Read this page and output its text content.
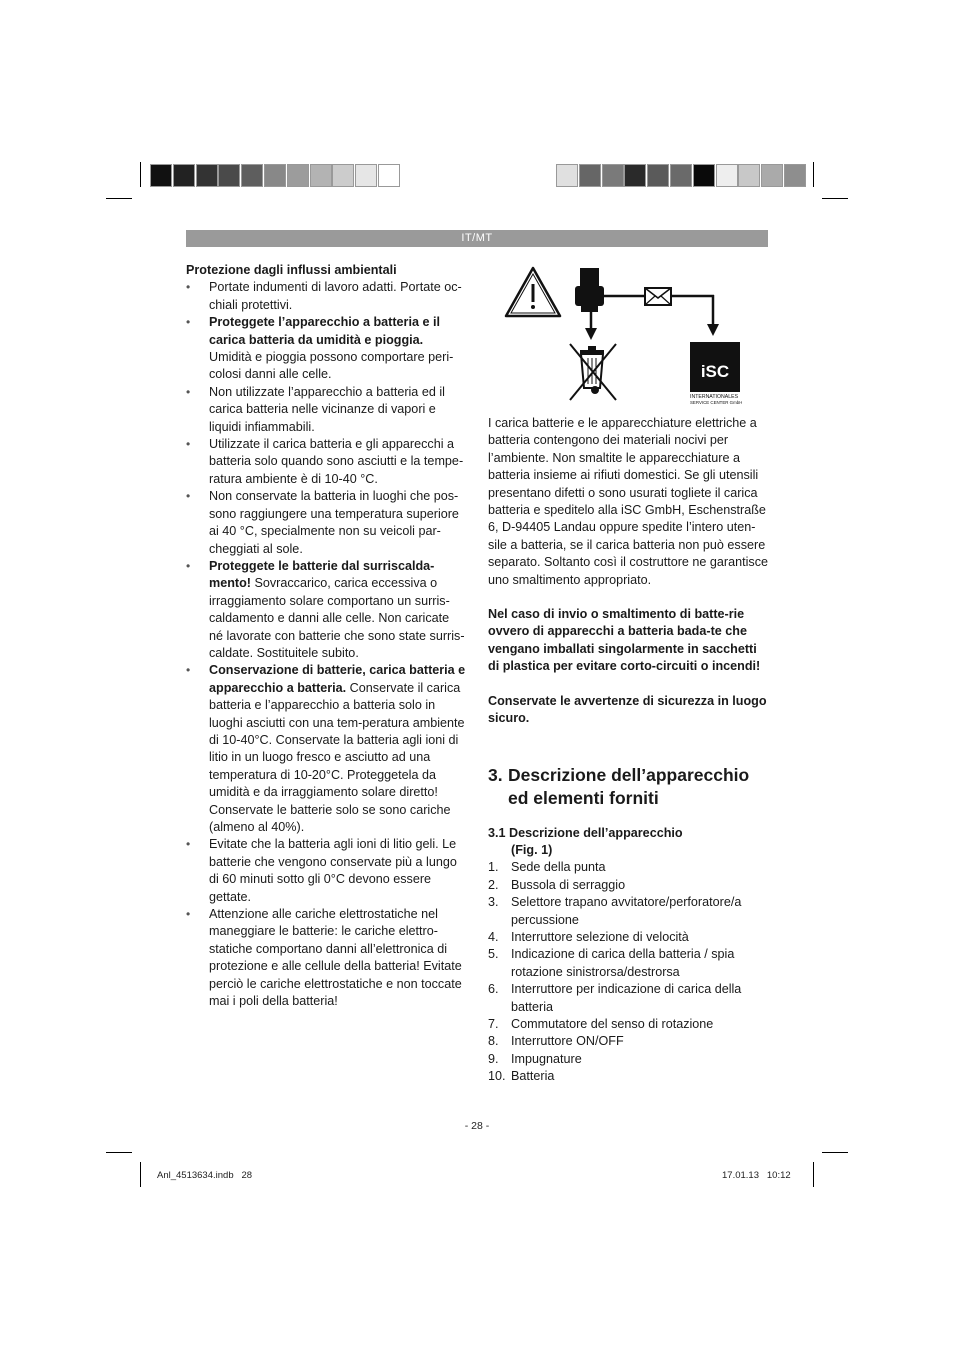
IT/MT
Protezione dagli influssi ambientali
• Portate indumenti di lavoro adatti. Portate oc-chiali protettivi.
• Proteggete l’apparecchio a batteria e il carica batteria da umidità e pioggia. Umidità e pioggia possono comportare peri-colosi danni alle celle.
• Non utilizzate l’apparecchio a batteria ed il carica batteria nelle vicinanze di vapori e liquidi infiammabili.
• Utilizzate il carica batteria e gli apparecchi a batteria solo quando sono asciutti e la tempe-ratura ambiente è di 10-40 °C.
• Non conservate la batteria in luoghi che pos-sono raggiungere una temperatura superiore ai 40 °C, specialmente non su veicoli par-cheggiati al sole.
• Proteggete le batterie dal surriscalda-mento! Sovraccarico, carica eccessiva o irraggiamento solare comportano un surris-caldamento e danni alle celle. Non caricate né lavorate con batterie che sono state surris-caldate. Sostituitele subito.
• Conservazione di batterie, carica batteria e apparecchio a batteria. Conservate il carica batteria e l’apparecchio a batteria solo in luoghi asciutti con una tem-peratura ambiente di 10-40°C. Conservate la batteria agli ioni di litio in un luogo fresco e asciutto ad una temperatura di 10-20°C. Proteggetela da umidità e da irraggiamento solare diretto! Conservate le batterie solo se sono cariche (almeno al 40%).
• Evitate che la batteria agli ioni di litio geli. Le batterie che vengono conservate più a lungo di 60 minuti sotto gli 0°C devono essere gettate.
• Attenzione alle cariche elettrostatiche nel maneggiare le batterie: le cariche elettro-statiche comportano danni all’elettronica di protezione e alle cellule della batteria! Evitate perciò le cariche elettrostatiche e non toccate mai i poli della batteria!
iSC
INTERNATIONALES
SERVICE CENTER GmbH
I carica batterie e le apparecchiature elettriche a batteria contengono dei materiali nocivi per l’ambiente. Non smaltite le apparecchiature a batteria insieme ai rifiuti domestici. Se gli utensili presentano difetti o sono usurati togliete il carica batteria e speditelo alla iSC GmbH, Eschenstraße 6, D-94405 Landau oppure spedite l’intero uten-sile a batteria, se il carica batteria non può essere separato. Soltanto così il costruttore ne garantisce uno smaltimento appropriato.
Nel caso di invio o smaltimento di batte-rie ovvero di apparecchi a batteria bada-te che vengano imballati singolarmente in sacchetti di plastica per evitare corto-circuiti o incendi!
Conservate le avvertenze di sicurezza in luogo sicuro.
3. Descrizione dell’apparecchio ed elementi forniti
3.1 Descrizione dell’apparecchio
(Fig. 1)
1. Sede della punta
2. Bussola di serraggio
3. Selettore trapano avvitatore/perforatore/a percussione
4. Interruttore selezione di velocità
5. Indicazione di carica della batteria / spia rotazione sinistrorsa/destrorsa
6. Interruttore per indicazione di carica della batteria
7. Commutatore del senso di rotazione
8. Interruttore ON/OFF
9. Impugnature
10. Batteria
- 28 -
Anl_4513634.indb   28	17.01.13   10:12
